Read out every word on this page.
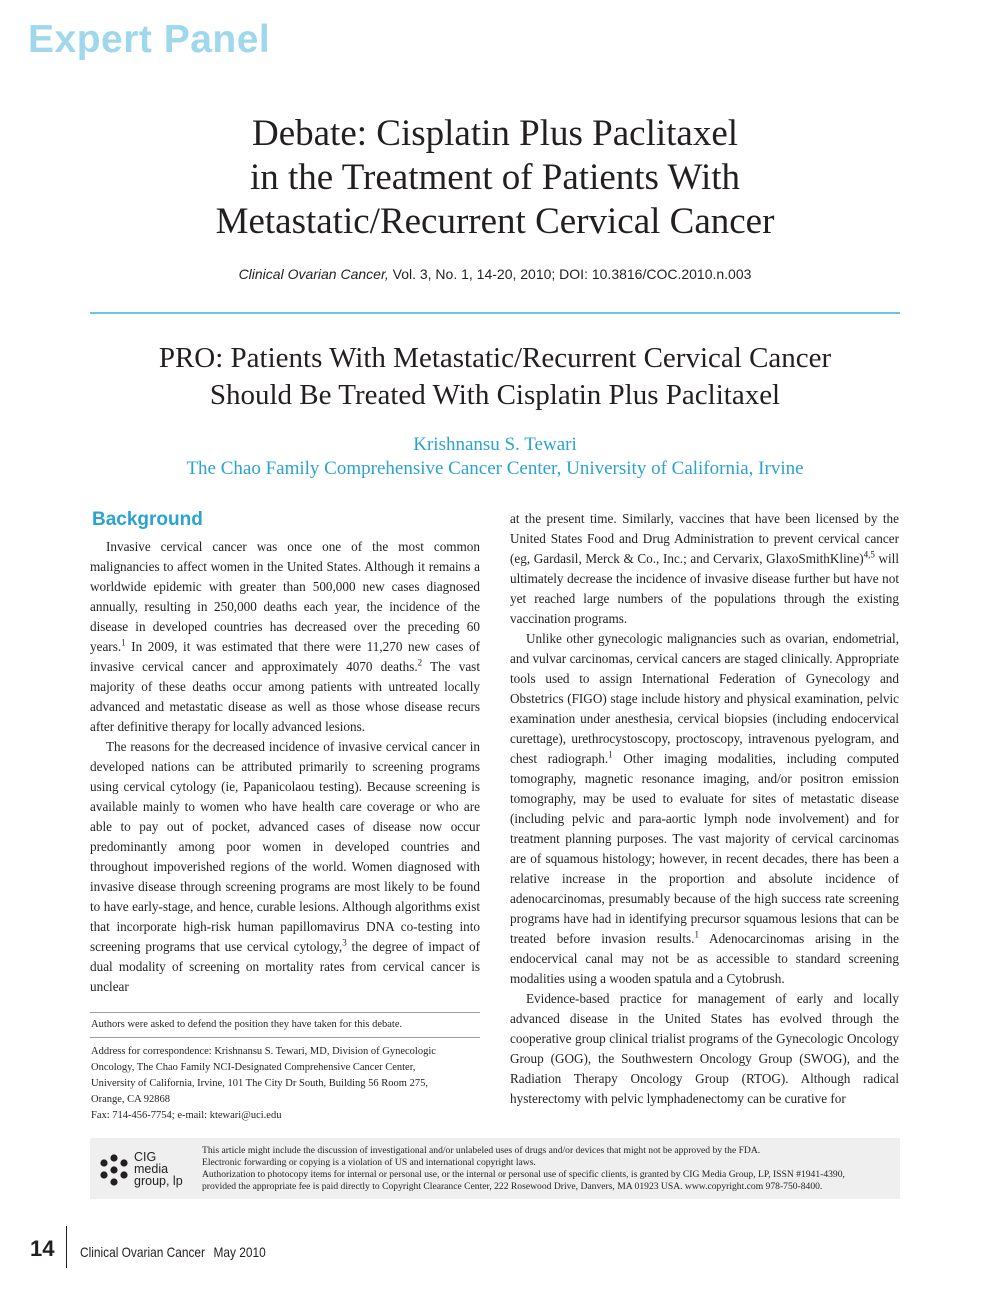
Expert Panel
Debate: Cisplatin Plus Paclitaxel
in the Treatment of Patients With
Metastatic/Recurrent Cervical Cancer
Clinical Ovarian Cancer, Vol. 3, No. 1, 14-20, 2010; DOI: 10.3816/COC.2010.n.003
PRO: Patients With Metastatic/Recurrent Cervical Cancer
Should Be Treated With Cisplatin Plus Paclitaxel
Krishnansu S. Tewari
The Chao Family Comprehensive Cancer Center, University of California, Irvine
Background

Invasive cervical cancer was once one of the most common malignancies to affect women in the United States. Although it remains a worldwide epidemic with greater than 500,000 new cases diagnosed annually, resulting in 250,000 deaths each year, the incidence of the disease in developed countries has decreased over the preceding 60 years.$^1$ In 2009, it was estimated that there were 11,270 new cases of invasive cervical cancer and approximately 4070 deaths.$^2$ The vast majority of these deaths occur among patients with untreated locally advanced and metastatic disease as well as those whose disease recurs after definitive therapy for locally advanced lesions.

The reasons for the decreased incidence of invasive cervical cancer in developed nations can be attributed primarily to screening programs using cervical cytology (ie, Papanicolaou testing). Because screening is available mainly to women who have health care coverage or who are able to pay out of pocket, advanced cases of disease now occur predominantly among poor women in developed countries and throughout impoverished regions of the world. Women diagnosed with invasive disease through screening programs are most likely to be found to have early-stage, and hence, curable lesions. Although algorithms exist that incorporate high-risk human papillomavirus DNA co-testing into screening programs that use cervical cytology,$^3$ the degree of impact of dual modality of screening on mortality rates from cervical cancer is unclear

at the present time. Similarly, vaccines that have been licensed by the United States Food and Drug Administration to prevent cervical cancer (eg, Gardasil, Merck & Co., Inc.; and Cervarix, GlaxoSmithKline)$^{4,5}$ will ultimately decrease the incidence of invasive disease further but have not yet reached large numbers of the populations through the existing vaccination programs.

Unlike other gynecologic malignancies such as ovarian, endometrial, and vulvar carcinomas, cervical cancers are staged clinically. Appropriate tools used to assign International Federation of Gynecology and Obstetrics (FIGO) stage include history and physical examination, pelvic examination under anesthesia, cervical biopsies (including endocervical curettage), urethrocystoscopy, proctoscopy, intravenous pyelogram, and chest radiograph.$^1$ Other imaging modalities, including computed tomography, magnetic resonance imaging, and/or positron emission tomography, may be used to evaluate for sites of metastatic disease (including pelvic and para-aortic lymph node involvement) and for treatment planning purposes. The vast majority of cervical carcinomas are of squamous histology; however, in recent decades, there has been a relative increase in the proportion and absolute incidence of adenocarcinomas, presumably because of the high success rate screening programs have had in identifying precursor squamous lesions that can be treated before invasion results.$^1$ Adenocarcinomas arising in the endocervical canal may not be as accessible to standard screening modalities using a wooden spatula and a Cytobrush.

Evidence-based practice for management of early and locally advanced disease in the United States has evolved through the cooperative group clinical trialist programs of the Gynecologic Oncology Group (GOG), the Southwestern Oncology Group (SWOG), and the Radiation Therapy Oncology Group (RTOG). Although radical hysterectomy with pelvic lymphadenectomy can be curative for

Authors were asked to defend the position they have taken for this debate.
Address for correspondence: Krishnansu S. Tewari, MD, Division of Gynecologic
Oncology, The Chao Family NCI-Designated Comprehensive Cancer Center,
University of California, Irvine, 101 The City Dr South, Building 56 Room 275,
Orange, CA 92868
Fax: 714-456-7754; e-mail: ktewari@uci.edu
CIG
media
group, lp
This article might include the discussion of investigational and/or unlabeled uses of drugs and/or devices that might not be approved by the FDA.
Electronic forwarding or copying is a violation of US and international copyright laws.
Authorization to photocopy items for internal or personal use, or the internal or personal use of specific clients, is granted by CIG Media Group, LP, ISSN #1941-4390,
provided the appropriate fee is paid directly to Copyright Clearance Center, 222 Rosewood Drive, Danvers, MA 01923 USA. www.copyright.com 978-750-8400.
14 Clinical Ovarian Cancer May 2010
